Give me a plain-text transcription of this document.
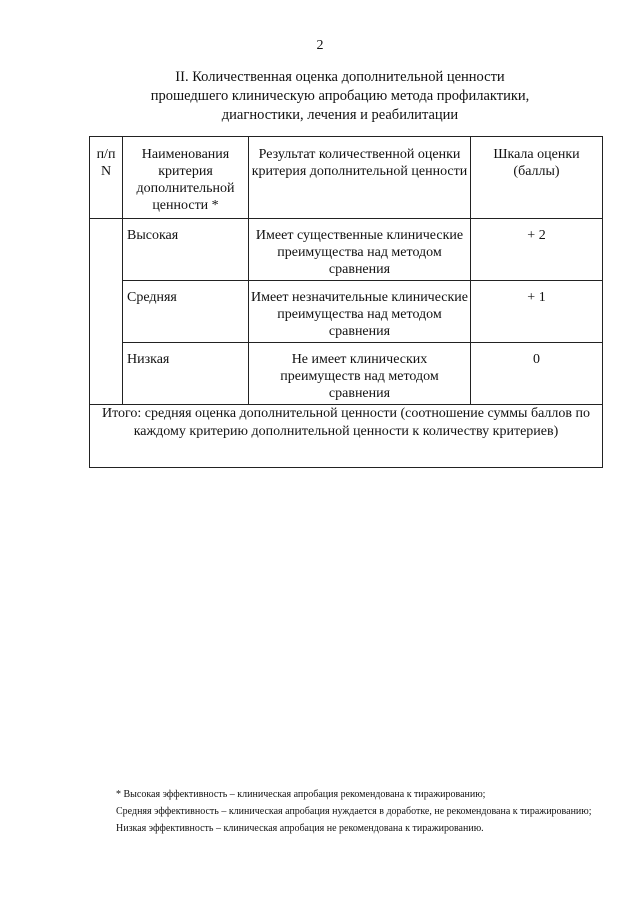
2
II. Количественная оценка дополнительной ценности
прошедшего клиническую апробацию метода профилактики,
диагностики, лечения и реабилитации
п/п N	Наименования критерия дополнительной ценности *	Результат количественной оценки критерия дополнительной ценности	Шкала оценки (баллы)

	Высокая	Имеет существенные клинические преимущества над методом сравнения	+ 2

	Средняя	Имеет незначительные клинические преимущества над методом сравнения	+ 1

	Низкая	Не имеет клинических преимуществ над методом сравнения	0

Итого: средняя оценка дополнительной ценности (соотношение суммы баллов по каждому критерию дополнительной ценности к количеству критериев)			
* Высокая эффективность – клиническая апробация рекомендована к тиражированию;
Средняя эффективность – клиническая апробация нуждается в доработке, не рекомендована к тиражированию;
Низкая эффективность – клиническая апробация не рекомендована к тиражированию.
